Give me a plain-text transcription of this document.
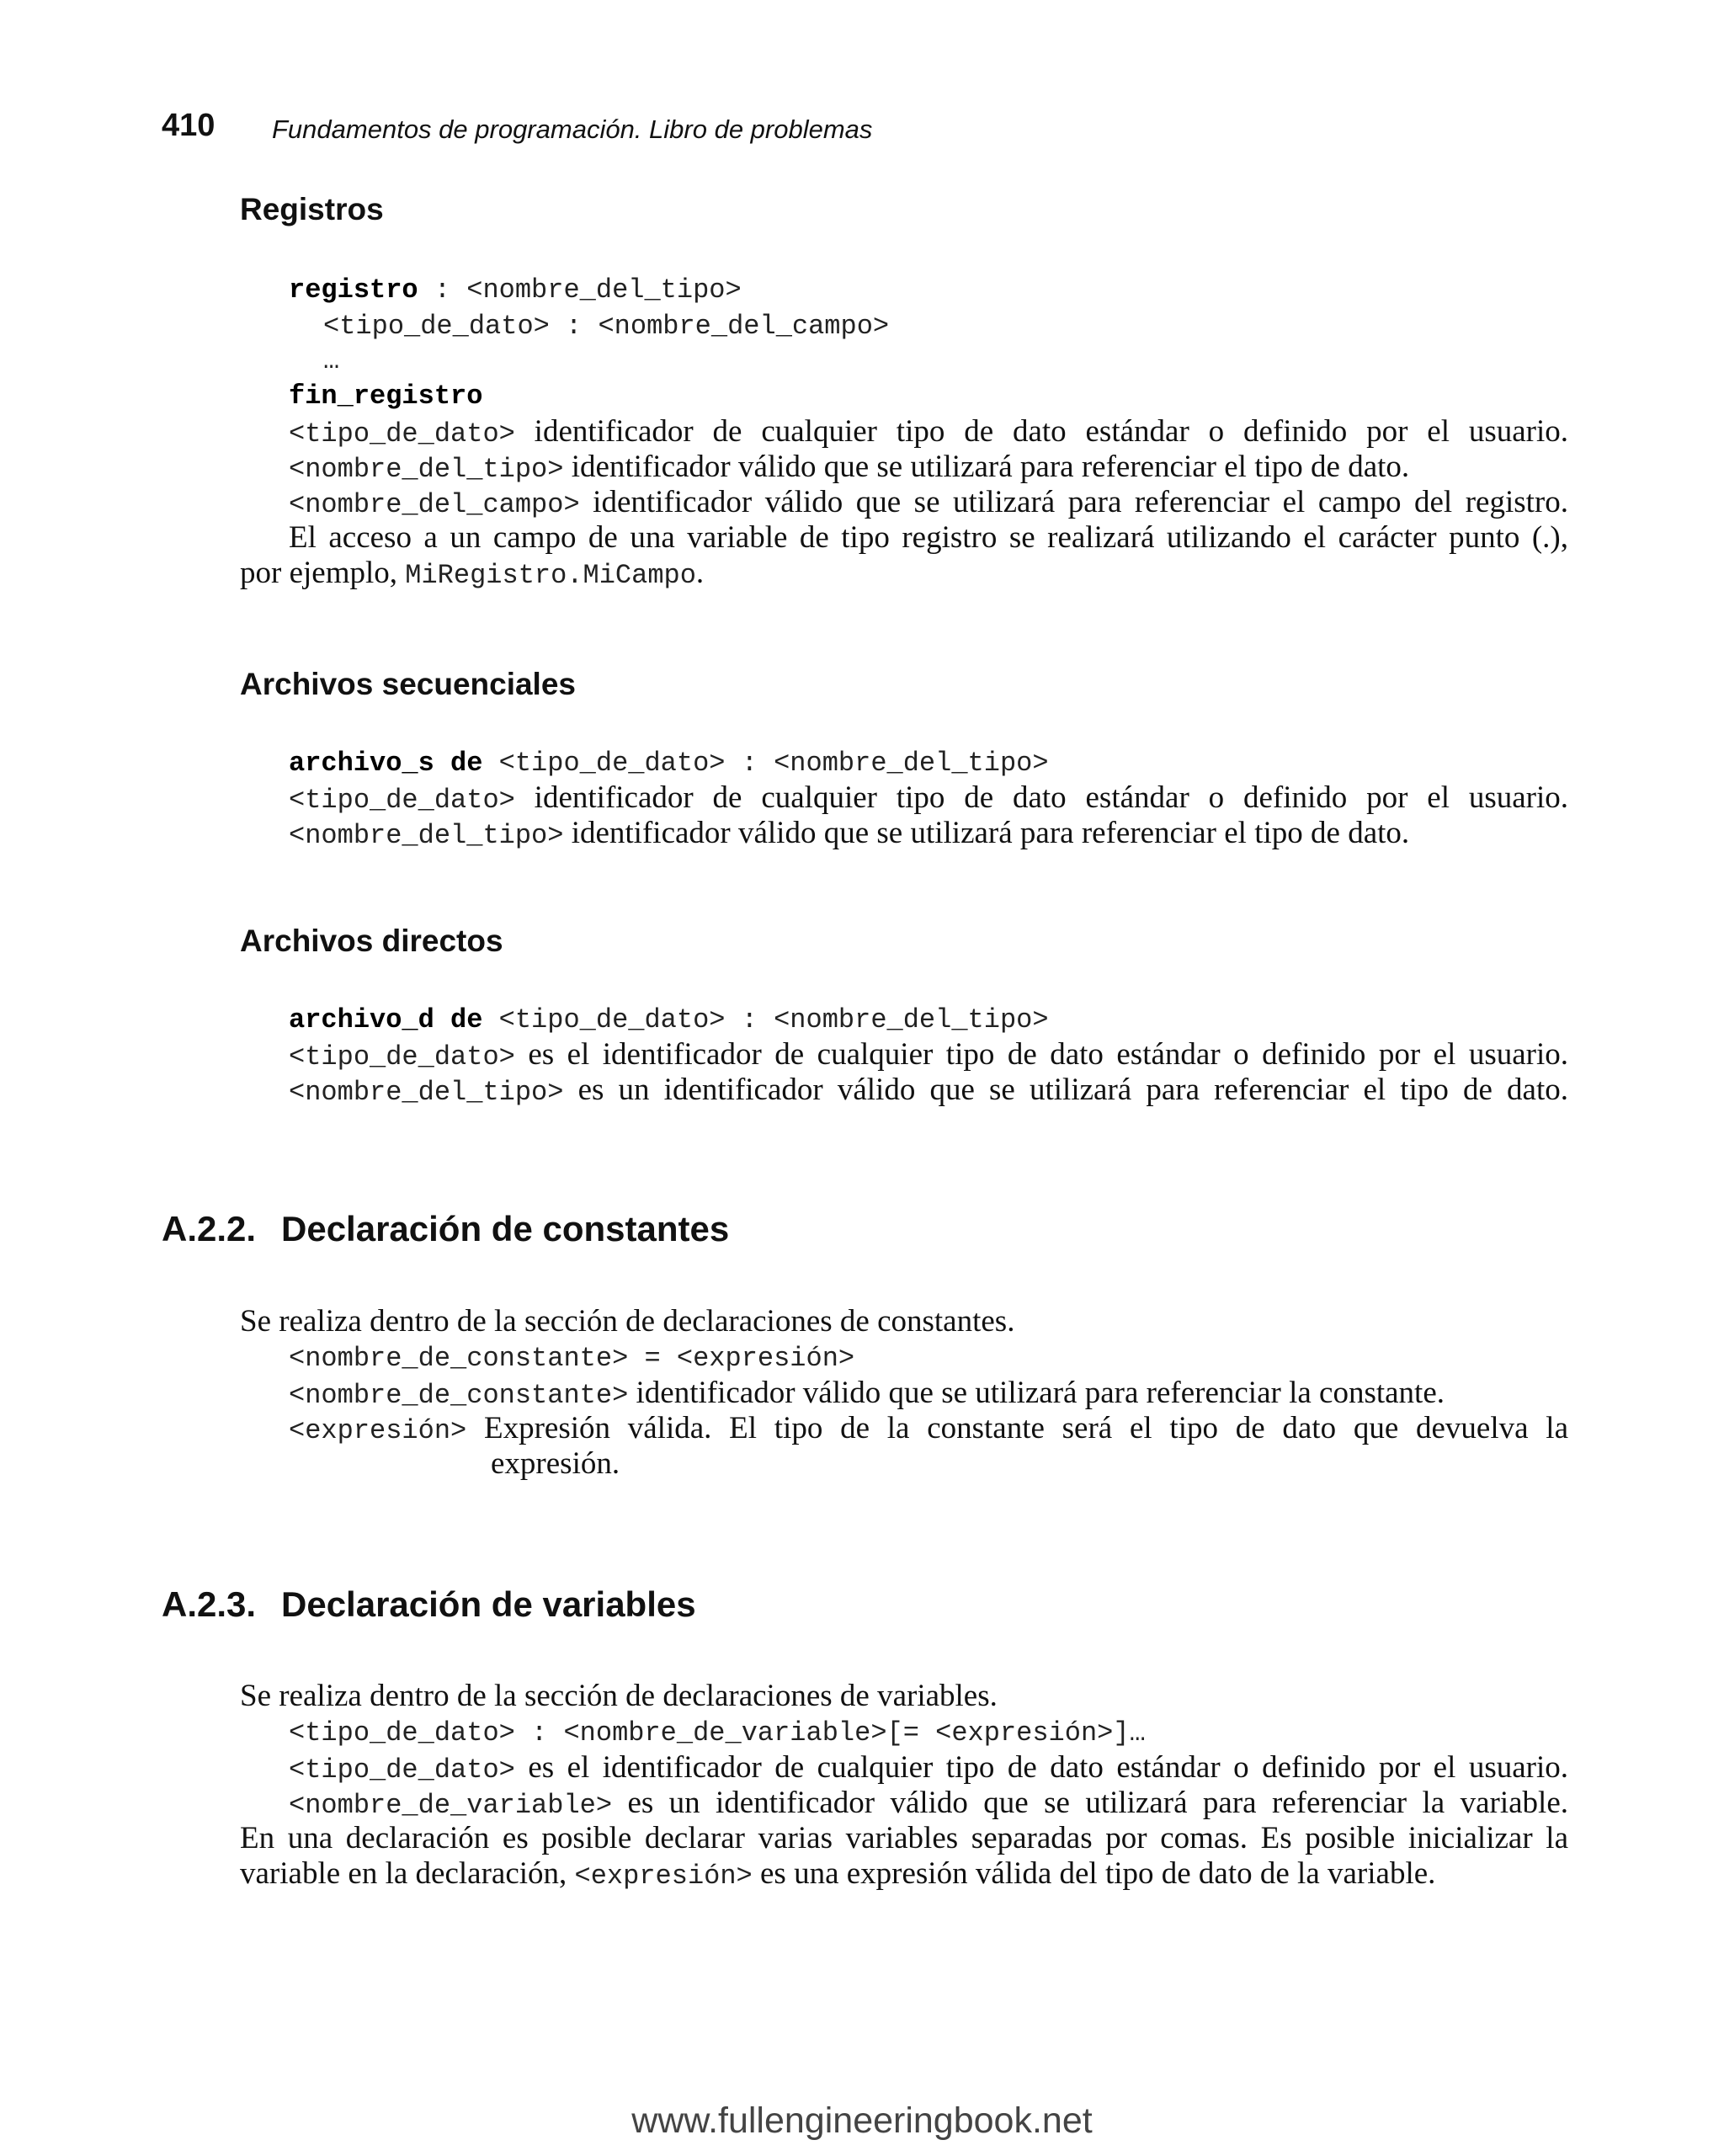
410 Fundamentos de programación. Libro de problemas
Registros
registro : <nombre_del_tipo>
<tipo_de_dato> : <nombre_del_campo>
…
fin_registro
<tipo_de_dato> identificador de cualquier tipo de dato estándar o definido por el usuario.
<nombre_del_tipo> identificador válido que se utilizará para referenciar el tipo de dato.
<nombre_del_campo> identificador válido que se utilizará para referenciar el campo del registro.
El acceso a un campo de una variable de tipo registro se realizará utilizando el carácter punto (.),
por ejemplo, MiRegistro.MiCampo.
Archivos secuenciales
archivo_s de <tipo_de_dato> : <nombre_del_tipo>
<tipo_de_dato> identificador de cualquier tipo de dato estándar o definido por el usuario.
<nombre_del_tipo> identificador válido que se utilizará para referenciar el tipo de dato.
Archivos directos
archivo_d de <tipo_de_dato> : <nombre_del_tipo>
<tipo_de_dato> es el identificador de cualquier tipo de dato estándar o definido por el usuario.
<nombre_del_tipo> es un identificador válido que se utilizará para referenciar el tipo de dato.
A.2.2. Declaración de constantes
Se realiza dentro de la sección de declaraciones de constantes.
<nombre_de_constante> = <expresión>
<nombre_de_constante> identificador válido que se utilizará para referenciar la constante.
<expresión> Expresión válida. El tipo de la constante será el tipo de dato que devuelva la
expresión.
A.2.3. Declaración de variables
Se realiza dentro de la sección de declaraciones de variables.
<tipo_de_dato> : <nombre_de_variable>[= <expresión>]…
<tipo_de_dato> es el identificador de cualquier tipo de dato estándar o definido por el usuario.
<nombre_de_variable> es un identificador válido que se utilizará para referenciar la variable.
En una declaración es posible declarar varias variables separadas por comas. Es posible inicializar la
variable en la declaración, <expresión> es una expresión válida del tipo de dato de la variable.
www.fullengineeringbook.net
